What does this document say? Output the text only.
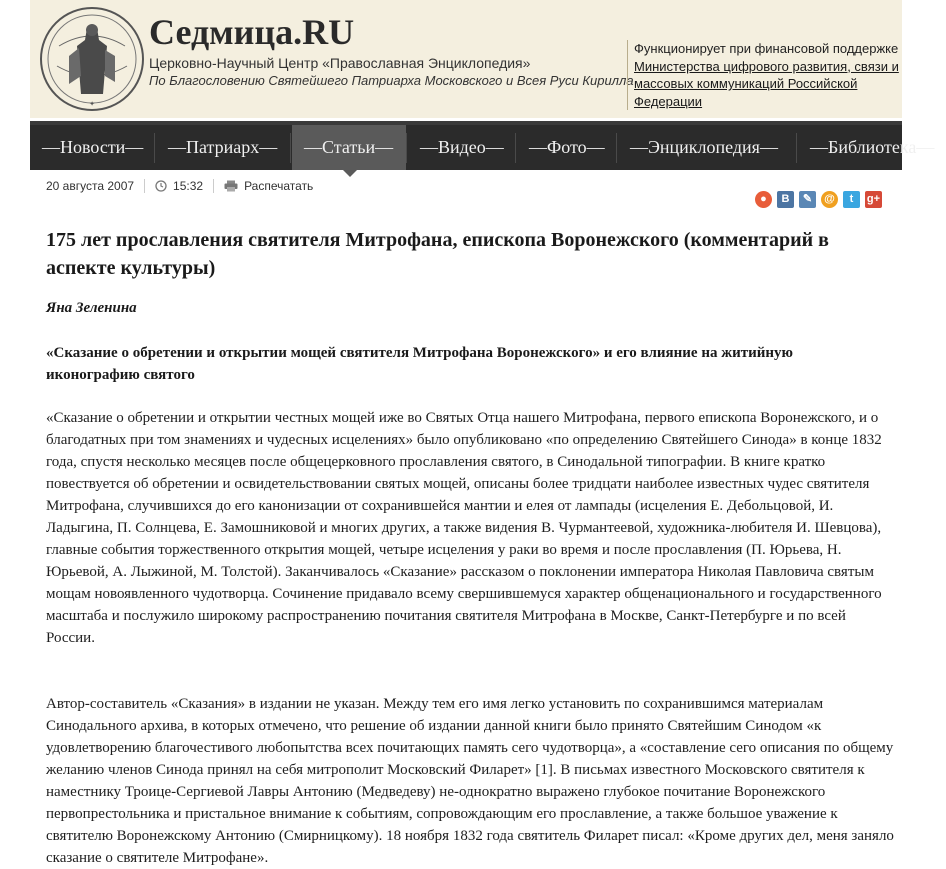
✦
Седмица.RU
Церковно-Научный Центр «Православная Энциклопедия»
По Благословению Святейшего Патриарха Московского и Всея Руси Кирилла
Функционирует при финансовой поддержке
Министерства цифрового развития, связи и массовых коммуникаций Российской Федерации
—Новости—	—Патриарх—	—Статьи—	—Видео—	—Фото—	—Энциклопедия—	—Библиотека—
20 августа 2007	15:32	Распечатать
●	В	✎	@	t	g+
175 лет прославления святителя Митрофана, епископа Воронежского (комментарий в аспекте культуры)
Яна Зеленина
«Сказание о обретении и открытии мощей святителя Митрофана Воронежского» и его влияние на житийную иконографию святого

«Сказание о обретении и открытии честных мощей иже во Святых Отца нашего Митрофана, первого епископа Воронежского, и о благодатных при том знамениях и чудесных исцелениях» было опубликовано «по определению Святейшего Синода» в конце 1832 года, спустя несколько месяцев после общецерковного прославления святого, в Синодальной типографии. В книге кратко повествуется об обретении и освидетельствовании святых мощей, описаны более тридцати наиболее известных чудес святителя Митрофана, случившихся до его канонизации от сохранившейся мантии и елея от лампады (исцеления Е. Дебольцовой, И. Ладыгина, П. Солнцева, Е. Замошниковой и многих других, а также видения В. Чурмантеевой, художника-любителя И. Шевцова), главные события торжественного открытия мощей, четыре исцеления у раки во время и после прославления (П. Юрьева, Н. Юрьевой, А. Лыжиной, М. Толстой). Заканчивалось «Сказание» рассказом о поклонении императора Николая Павловича святым мощам новоявленного чудотворца. Сочинение придавало всему свершившемуся характер общенационального и государственного масштаба и послужило широкому распространению почитания святителя Митрофана в Москве, Санкт-Петербурге и по всей России.

Автор-составитель «Сказания» в издании не указан. Между тем его имя легко установить по сохранившимся материалам Синодального архива, в которых отмечено, что решение об издании данной книги было принято Святейшим Синодом «к удовлетворению благочестивого любопытства всех почитающих память сего чудотворца», а «составление сего описания по общему желанию членов Синода принял на себя митрополит Московский Филарет» [1]. В письмах известного Московского святителя к наместнику Троице-Сергиевой Лавры Антонию (Медведеву) не-однократно выражено глубокое почитание Воронежского первопрестольника и пристальное внимание к событиям, сопровождающим его прославление, а также большое уважение к святителю Воронежскому Антонию (Смирницкому). 18 ноября 1832 года святитель Филарет писал: «Кроме других дел, меня заняло сказание о святителе Митрофане».
